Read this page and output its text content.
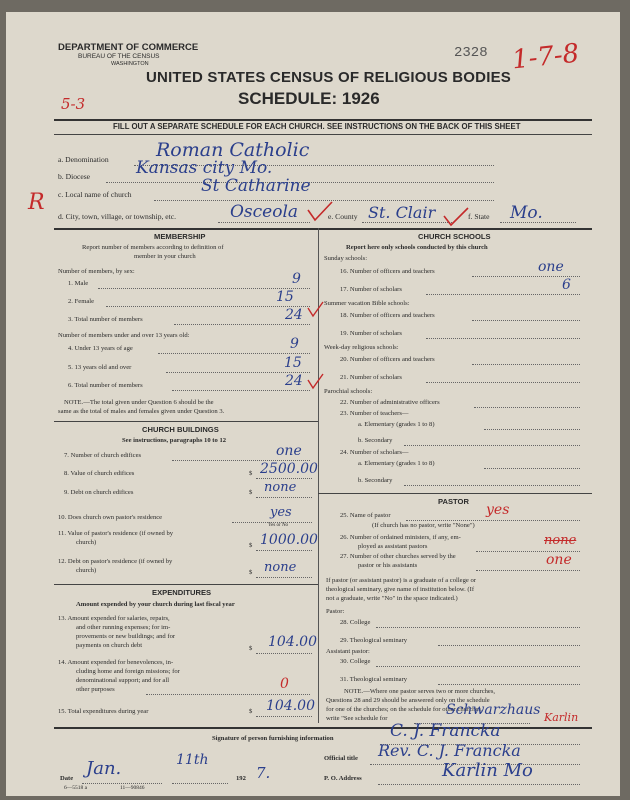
DEPARTMENT OF COMMERCE
BUREAU OF THE CENSUS
WASHINGTON
2328 1-7-8
UNITED STATES CENSUS OF RELIGIOUS BODIES
SCHEDULE: 1926
5-3
FILL OUT A SEPARATE SCHEDULE FOR EACH CHURCH. SEE INSTRUCTIONS ON THE BACK OF THIS SHEET
a. Denomination Roman Catholic
b. Diocese	Kansas city Mo.
c. Local name of church	St Catharine
R
d. City, town, village, or township, etc.	Osceola	e. County St. Clair	f. State Mo.
MEMBERSHIP
Report number of members according to definition of
member in your church
Number of members, by sex:
1. Male	9
2. Female	15
3. Total number of members	24
Number of members under and over 13 years old:
4. Under 13 years of age	9
5. 13 years old and over	15
6. Total number of members	24
NOTE.—The total given under Question 6 should be the
same as the total of males and females given under Question 3.
CHURCH BUILDINGS
See instructions, paragraphs 10 to 12
7. Number of church edifices	one
8. Value of church edifices	$ 2500.00
9. Debt on church edifices	$ none
10. Does church own pastor's residence	yes
Yes or No
11. Value of pastor's residence (if owned by
church)	$ 1000.00
12. Debt on pastor's residence (if owned by
church)	$ none
EXPENDITURES
Amount expended by your church during last fiscal year
13. Amount expended for salaries, repairs,
and other running expenses; for im-
provements or new buildings; and for
payments on church debt	$ 104.00
14. Amount expended for benevolences, in-
cluding home and foreign missions; for
denominational support; and for all
other purposes	0
15. Total expenditures during year	$ 104.00
CHURCH SCHOOLS
Report here only schools conducted by this church
Sunday schools:
16. Number of officers and teachers	one
17. Number of scholars	6
Summer vacation Bible schools:
18. Number of officers and teachers
19. Number of scholars
Week-day religious schools:
20. Number of officers and teachers
21. Number of scholars
Parochial schools:
22. Number of administrative officers
23. Number of teachers—
a. Elementary (grades 1 to 8)
b. Secondary
24. Number of scholars—
a. Elementary (grades 1 to 8)
b. Secondary
PASTOR
25. Name of pastor	yes
(If church has no pastor, write "None")
26. Number of ordained ministers, if any, em-
ployed as assistant pastors	none
27. Number of other churches served by the
pastor or his assistants	one
If pastor (or assistant pastor) is a graduate of a college or
theological seminary, give name of institution below. (If
not a graduate, write "No" in the space indicated.)
Pastor:
28. College
29. Theological seminary
Assistant pastor:
30. College
31. Theological seminary
NOTE.—Where one pastor serves two or more churches,
Questions 28 and 29 should be answered only on the schedule
for one of the churches; on the schedule for other churches,
write "See schedule for
Schwarzhaus Karlin
Signature of person furnishing information	C. J. Francka
Official title Rev. C. J. Francka
Date Jan.	11th
192 7.	P. O. Address	Karlin Mo
6—5518 a	11—90846
